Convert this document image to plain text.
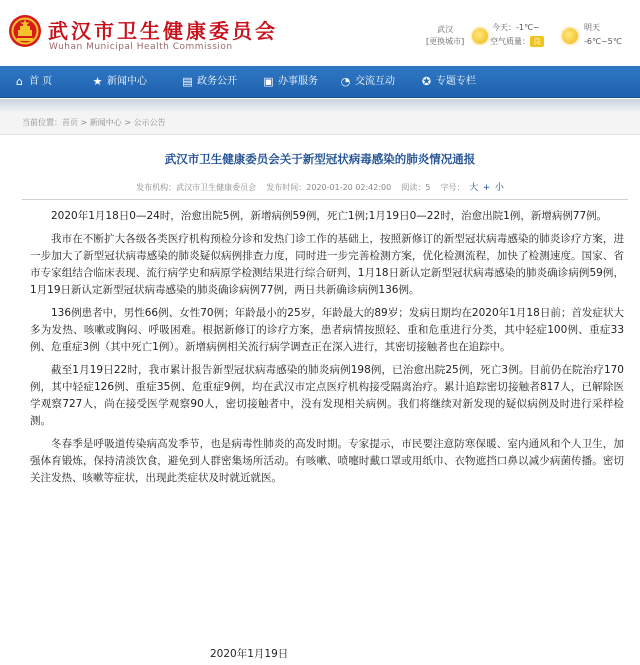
武汉市卫生健康委员会
Wuhan Municipal Health Commission
武汉
[更换城市]
今天：-1℃~
空气质量： 良
明天
-6℃~5℃
⌂ 首 页	★ 新闻中心	▤ 政务公开 ▣ 办事服务 ◔ 交流互动 ✪ 专题专栏
当前位置：首页 > 新闻中心 > 公示公告
武汉市卫生健康委员会关于新型冠状病毒感染的肺炎情况通报
发布机构：武汉市卫生健康委员会 发布时间：2020-01-20 02:42:00 阅读：5 字号： 大 + 小

2020年1月18日0—24时，治愈出院5例，新增病例59例，死亡1例;1月19日0—22时，治愈出院1例，新增病例77例。

我市在不断扩大各级各类医疗机构预检分诊和发热门诊工作的基础上，按照新修订的新型冠状病毒感染的肺炎诊疗方案，进一步加大了新型冠状病毒感染的肺炎疑似病例排查力度，同时进一步完善检测方案，优化检测流程，加快了检测速度。国家、省市专家组结合临床表现、流行病学史和病原学检测结果进行综合研判，1月18日新认定新型冠状病毒感染的肺炎确诊病例59例，1月19日新认定新型冠状病毒感染的肺炎确诊病例77例，两日共新确诊病例136例。

136例患者中，男性66例、女性70例；年龄最小的25岁，年龄最大的89岁；发病日期均在2020年1月18日前；首发症状大多为发热、咳嗽或胸闷、呼吸困难。根据新修订的诊疗方案，患者病情按照轻、重和危重进行分类，其中轻症100例、重症33例、危重症3例（其中死亡1例）。新增病例相关流行病学调查正在深入进行，其密切接触者也在追踪中。

截至1月19日22时，我市累计报告新型冠状病毒感染的肺炎病例198例，已治愈出院25例，死亡3例。目前仍在院治疗170例，其中轻症126例、重症35例、危重症9例，均在武汉市定点医疗机构接受隔离治疗。累计追踪密切接触者817人，已解除医学观察727人，尚在接受医学观察90人，密切接触者中，没有发现相关病例。我们将继续对新发现的疑似病例及时进行采样检测。

冬春季是呼吸道传染病高发季节，也是病毒性肺炎的高发时期。专家提示，市民要注意防寒保暖、室内通风和个人卫生，加强体育锻炼，保持清淡饮食，避免到人群密集场所活动。有咳嗽、喷嚏时戴口罩或用纸巾、衣物遮挡口鼻以减少病菌传播。密切关注发热、咳嗽等症状，出现此类症状及时就近就医。

2020年1月19日
